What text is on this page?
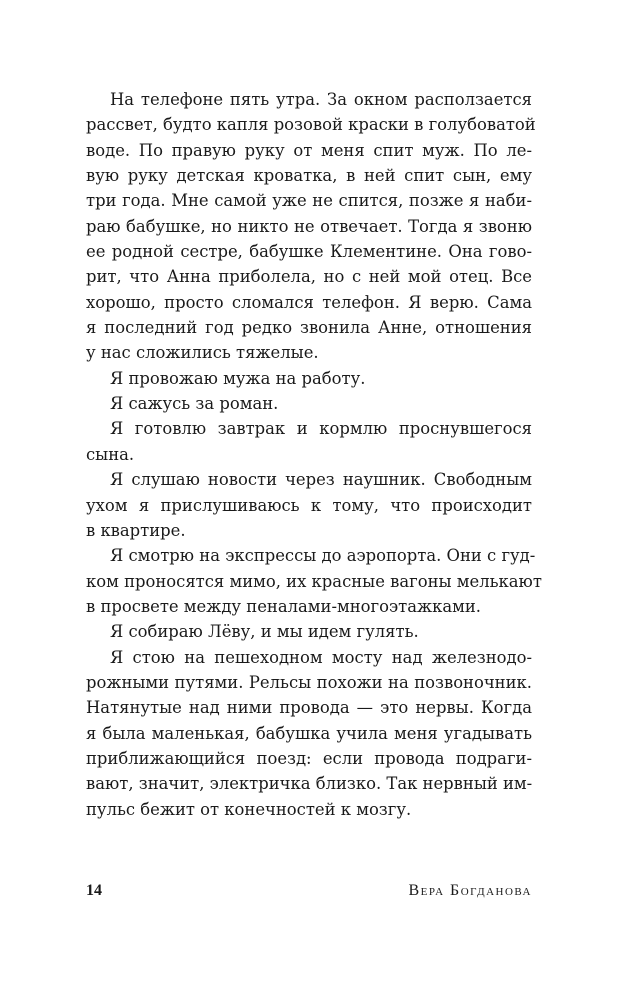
На телефоне пять утра. За окном расползается
рассвет, будто капля розовой краски в голубоватой
воде. По правую руку от меня спит муж. По ле-
вую руку детская кроватка, в ней спит сын, ему
три года. Мне самой уже не спится, позже я наби-
раю бабушке, но никто не отвечает. Тогда я звоню
ее родной сестре, бабушке Клементине. Она гово-
рит, что Анна приболела, но с ней мой отец. Все
хорошо, просто сломался телефон. Я верю. Сама
я последний год редко звонила Анне, отношения
у нас сложились тяжелые.
Я провожаю мужа на работу.
Я сажусь за роман.
Я готовлю завтрак и кормлю проснувшегося
сына.
Я слушаю новости через наушник. Свободным
ухом я прислушиваюсь к тому, что происходит
в квартире.
Я смотрю на экспрессы до аэропорта. Они с гуд-
ком проносятся мимо, их красные вагоны мелькают
в просвете между пеналами-многоэтажками.
Я собираю Лёву, и мы идем гулять.
Я стою на пешеходном мосту над железнодо-
рожными путями. Рельсы похожи на позвоночник.
Натянутые над ними провода — это нервы. Когда
я была маленькая, бабушка учила меня угадывать
приближающийся поезд: если провода подраги-
вают, значит, электричка близко. Так нервный им-
пульс бежит от конечностей к мозгу.
14	Вера Богданова
